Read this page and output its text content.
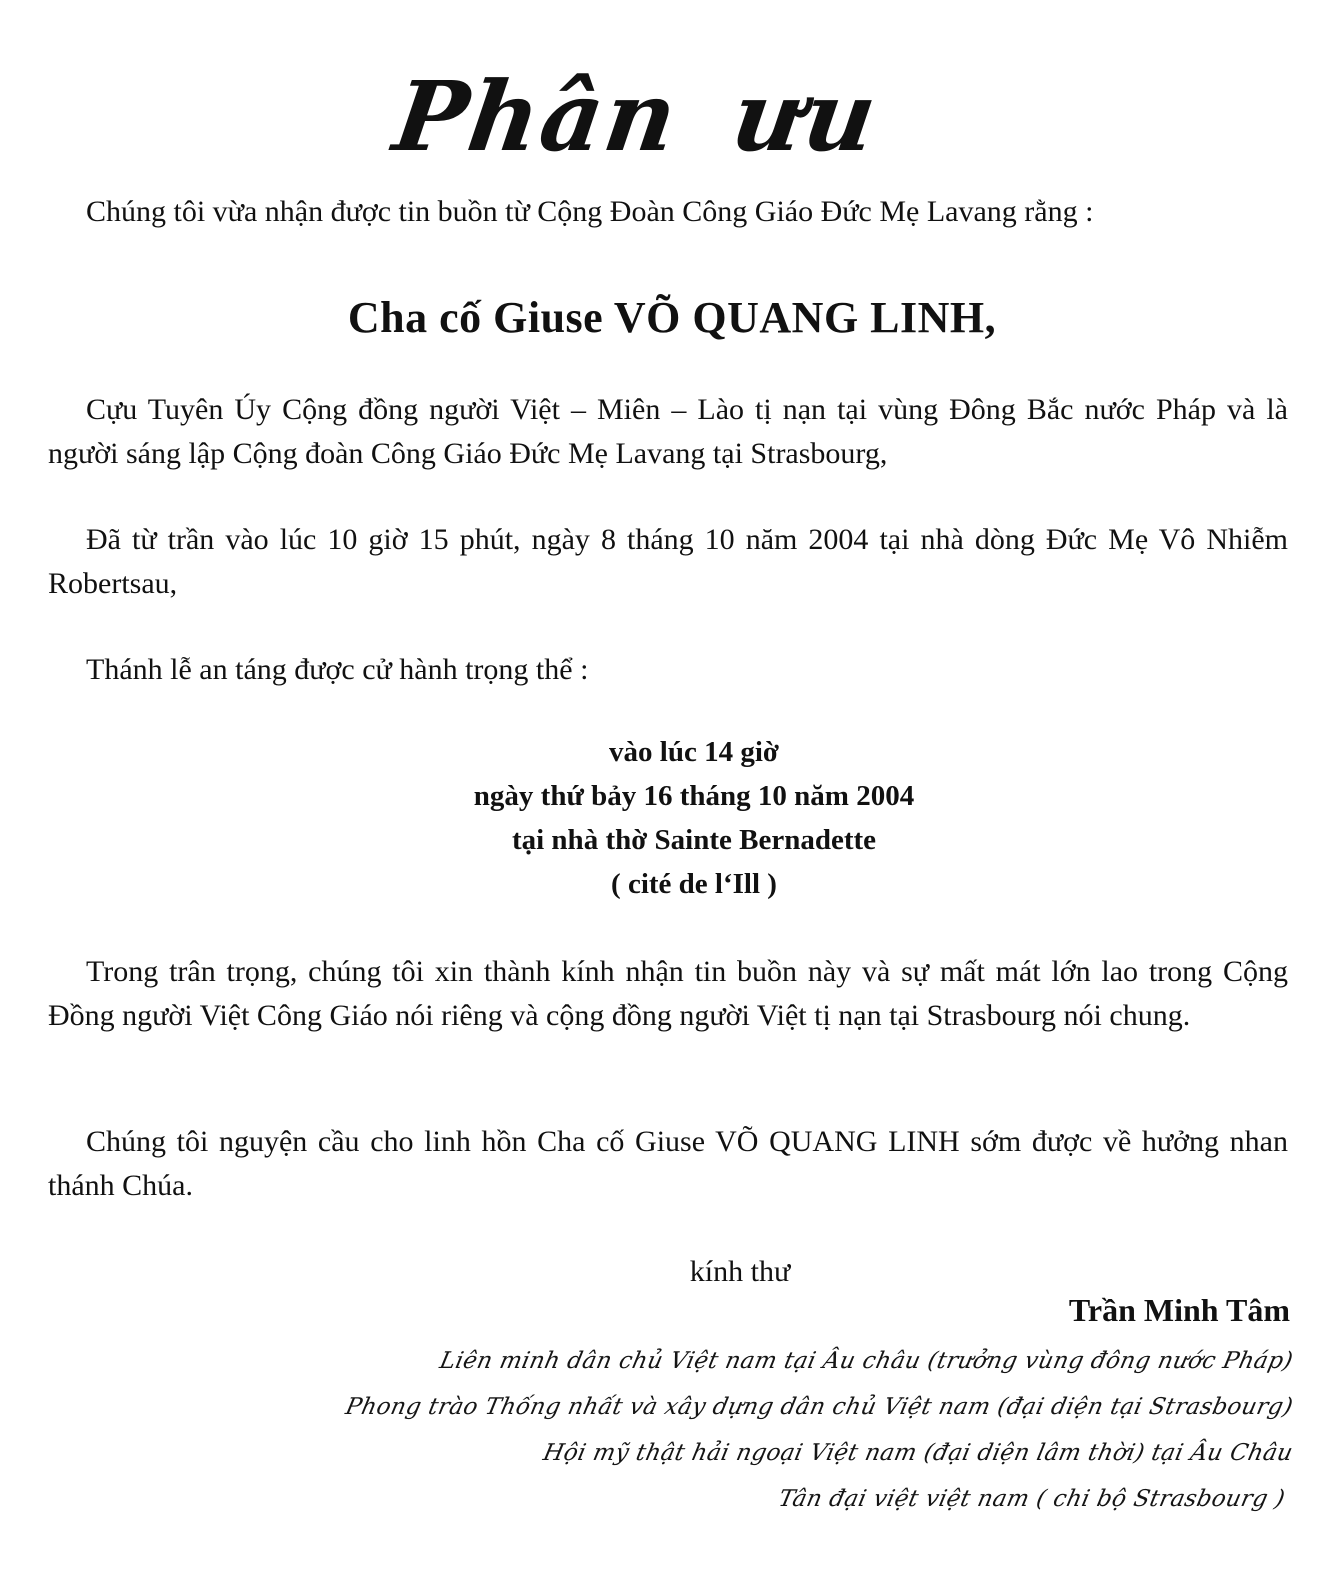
Phân ưu

Chúng tôi vừa nhận được tin buồn từ Cộng Đoàn Công Giáo Đức Mẹ Lavang rằng :

Cha cố Giuse VÕ QUANG LINH,

Cựu Tuyên Úy Cộng đồng người Việt – Miên – Lào tị nạn tại vùng Đông Bắc nước Pháp và là người sáng lập Cộng đoàn Công Giáo Đức Mẹ Lavang tại Strasbourg,

Đã từ trần vào lúc 10 giờ 15 phút, ngày 8 tháng 10 năm 2004 tại nhà dòng Đức Mẹ Vô Nhiễm Robertsau,

Thánh lễ an táng được cử hành trọng thể :

vào lúc 14 giờ
ngày thứ bảy 16 tháng 10 năm 2004
tại nhà thờ Sainte Bernadette
( cité de l‘Ill )

Trong trân trọng, chúng tôi xin thành kính nhận tin buồn này và sự mất mát lớn lao trong Cộng Đồng người Việt Công Giáo nói riêng và cộng đồng người Việt tị nạn tại Strasbourg nói chung.

Chúng tôi nguyện cầu cho linh hồn Cha cố Giuse VÕ QUANG LINH sớm được về hưởng nhan thánh Chúa.

kính thư

Trần Minh Tâm

Liên minh dân chủ Việt nam tại Âu châu (trưởng vùng đông nước Pháp)
Phong trào Thống nhất và xây dựng dân chủ Việt nam (đại diện tại Strasbourg)
Hội mỹ thật hải ngoại Việt nam (đại diện lâm thời) tại Âu Châu
Tân đại việt việt nam ( chi bộ Strasbourg )
